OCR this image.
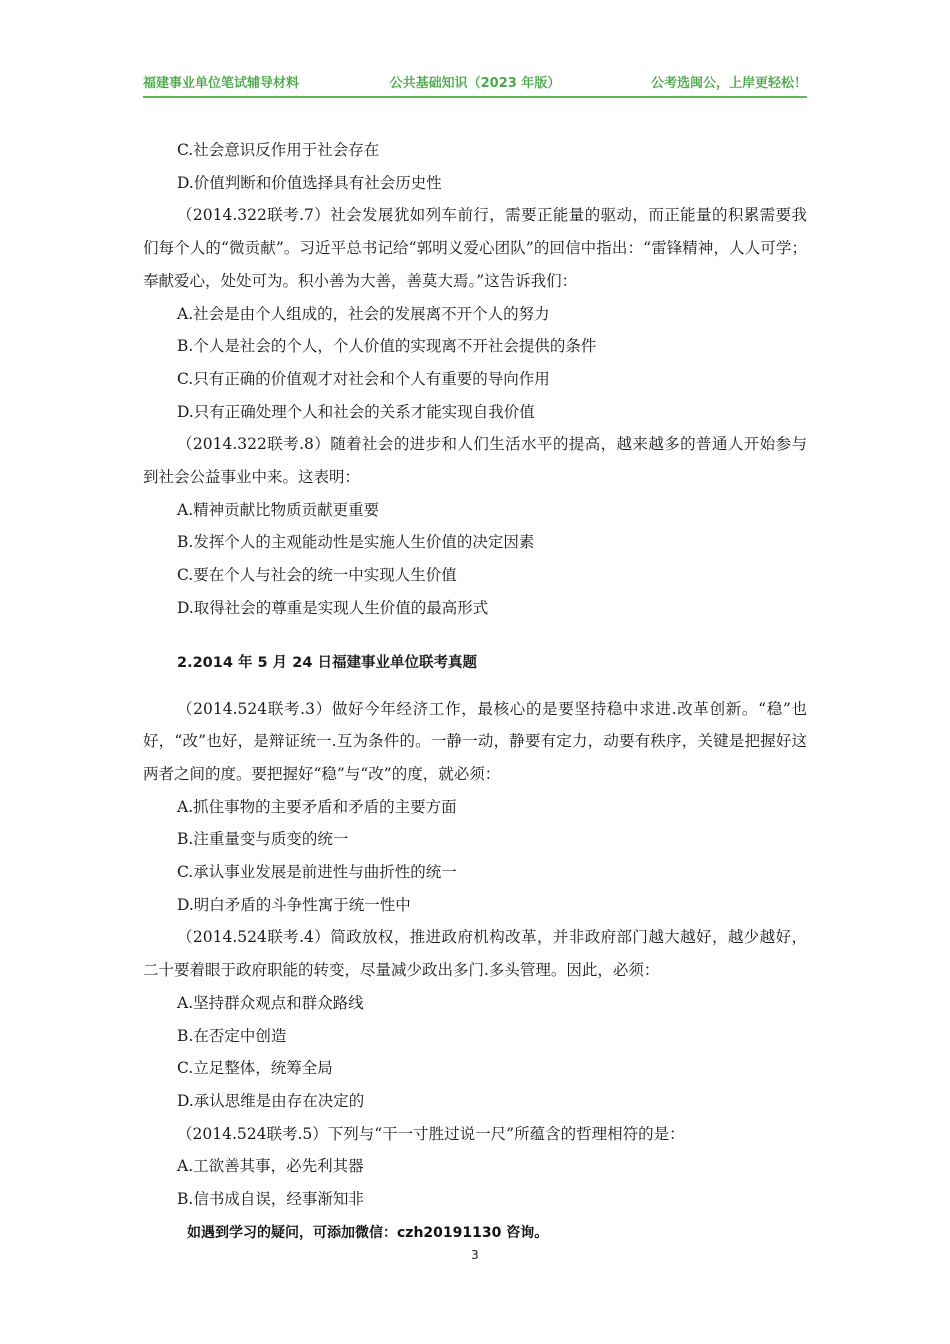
福建事业单位笔试辅导材料	公共基础知识（2023 年版）	公考选闽公，上岸更轻松！
C.社会意识反作用于社会存在
D.价值判断和价值选择具有社会历史性
（2014.322联考.7）社会发展犹如列车前行，需要正能量的驱动，而正能量的积累需要我们每个人的“微贡献”。习近平总书记给“郭明义爱心团队”的回信中指出：“雷锋精神，人人可学；奉献爱心，处处可为。积小善为大善，善莫大焉。”这告诉我们：
A.社会是由个人组成的，社会的发展离不开个人的努力
B.个人是社会的个人，个人价值的实现离不开社会提供的条件
C.只有正确的价值观才对社会和个人有重要的导向作用
D.只有正确处理个人和社会的关系才能实现自我价值
（2014.322联考.8）随着社会的进步和人们生活水平的提高，越来越多的普通人开始参与到社会公益事业中来。这表明：
A.精神贡献比物质贡献更重要
B.发挥个人的主观能动性是实施人生价值的决定因素
C.要在个人与社会的统一中实现人生价值
D.取得社会的尊重是实现人生价值的最高形式
2.2014 年 5 月 24 日福建事业单位联考真题
（2014.524联考.3）做好今年经济工作，最核心的是要坚持稳中求进.改革创新。“稳”也好，“改”也好，是辩证统一.互为条件的。一静一动，静要有定力，动要有秩序，关键是把握好这两者之间的度。要把握好“稳”与“改”的度，就必须：
A.抓住事物的主要矛盾和矛盾的主要方面
B.注重量变与质变的统一
C.承认事业发展是前进性与曲折性的统一
D.明白矛盾的斗争性寓于统一性中
（2014.524联考.4）简政放权，推进政府机构改革，并非政府部门越大越好，越少越好，二十要着眼于政府职能的转变，尽量减少政出多门.多头管理。因此，必须：
A.坚持群众观点和群众路线
B.在否定中创造
C.立足整体，统筹全局
D.承认思维是由存在决定的
（2014.524联考.5）下列与“干一寸胜过说一尺”所蕴含的哲理相符的是：
A.工欲善其事，必先利其器
B.信书成自误，经事渐知非
如遇到学习的疑问，可添加微信：czh20191130 咨询。
3
